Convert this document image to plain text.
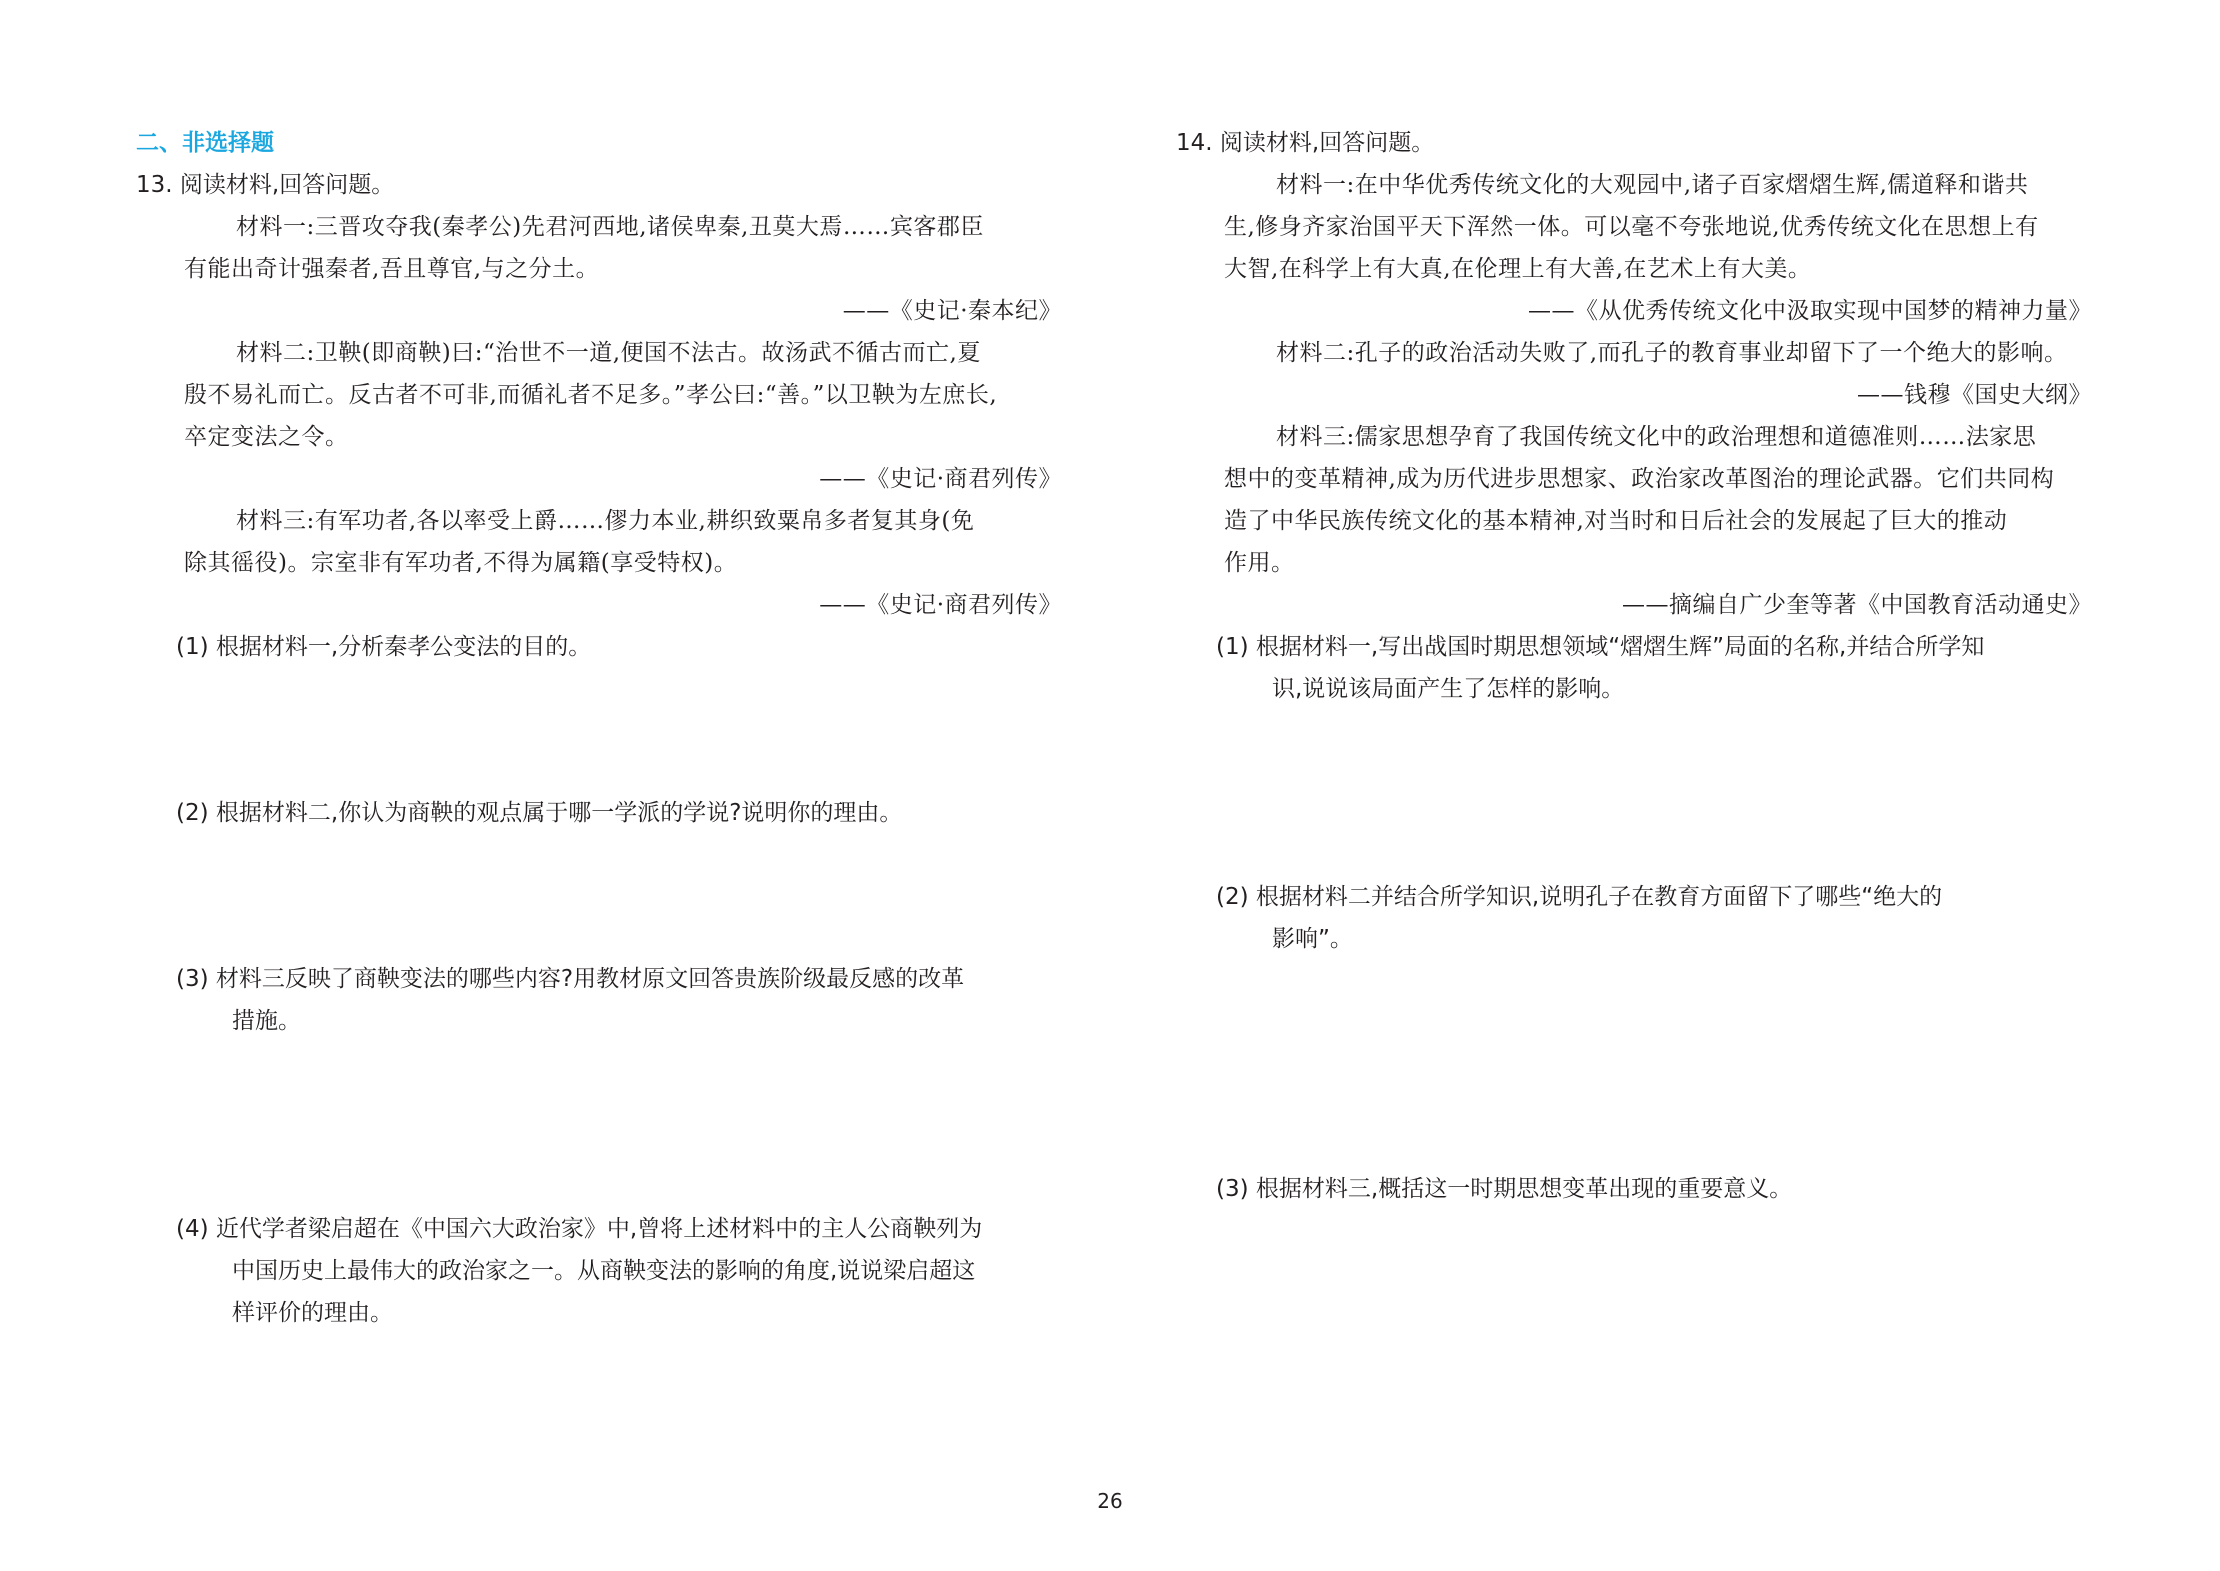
二、非选择题
13. 阅读材料,回答问题。
材料一:三晋攻夺我(秦孝公)先君河西地,诸侯卑秦,丑莫大焉……宾客郡臣
有能出奇计强秦者,吾且尊官,与之分土。
——《史记·秦本纪》
材料二:卫鞅(即商鞅)曰:“治世不一道,便国不法古。故汤武不循古而亡,夏
殷不易礼而亡。反古者不可非,而循礼者不足多。”孝公曰:“善。”以卫鞅为左庶长,
卒定变法之令。
——《史记·商君列传》
材料三:有军功者,各以率受上爵……僇力本业,耕织致粟帛多者复其身(免
除其徭役)。宗室非有军功者,不得为属籍(享受特权)。
——《史记·商君列传》
(1) 根据材料一,分析秦孝公变法的目的。
(2) 根据材料二,你认为商鞅的观点属于哪一学派的学说?说明你的理由。
(3) 材料三反映了商鞅变法的哪些内容?用教材原文回答贵族阶级最反感的改革
措施。
(4) 近代学者梁启超在《中国六大政治家》中,曾将上述材料中的主人公商鞅列为
中国历史上最伟大的政治家之一。从商鞅变法的影响的角度,说说梁启超这
样评价的理由。
14. 阅读材料,回答问题。
材料一:在中华优秀传统文化的大观园中,诸子百家熠熠生辉,儒道释和谐共
生,修身齐家治国平天下浑然一体。可以毫不夸张地说,优秀传统文化在思想上有
大智,在科学上有大真,在伦理上有大善,在艺术上有大美。
——《从优秀传统文化中汲取实现中国梦的精神力量》
材料二:孔子的政治活动失败了,而孔子的教育事业却留下了一个绝大的影响。
——钱穆《国史大纲》
材料三:儒家思想孕育了我国传统文化中的政治理想和道德准则……法家思
想中的变革精神,成为历代进步思想家、政治家改革图治的理论武器。它们共同构
造了中华民族传统文化的基本精神,对当时和日后社会的发展起了巨大的推动
作用。
——摘编自广少奎等著《中国教育活动通史》
(1) 根据材料一,写出战国时期思想领域“熠熠生辉”局面的名称,并结合所学知
识,说说该局面产生了怎样的影响。
(2) 根据材料二并结合所学知识,说明孔子在教育方面留下了哪些“绝大的
影响”。
(3) 根据材料三,概括这一时期思想变革出现的重要意义。
26
